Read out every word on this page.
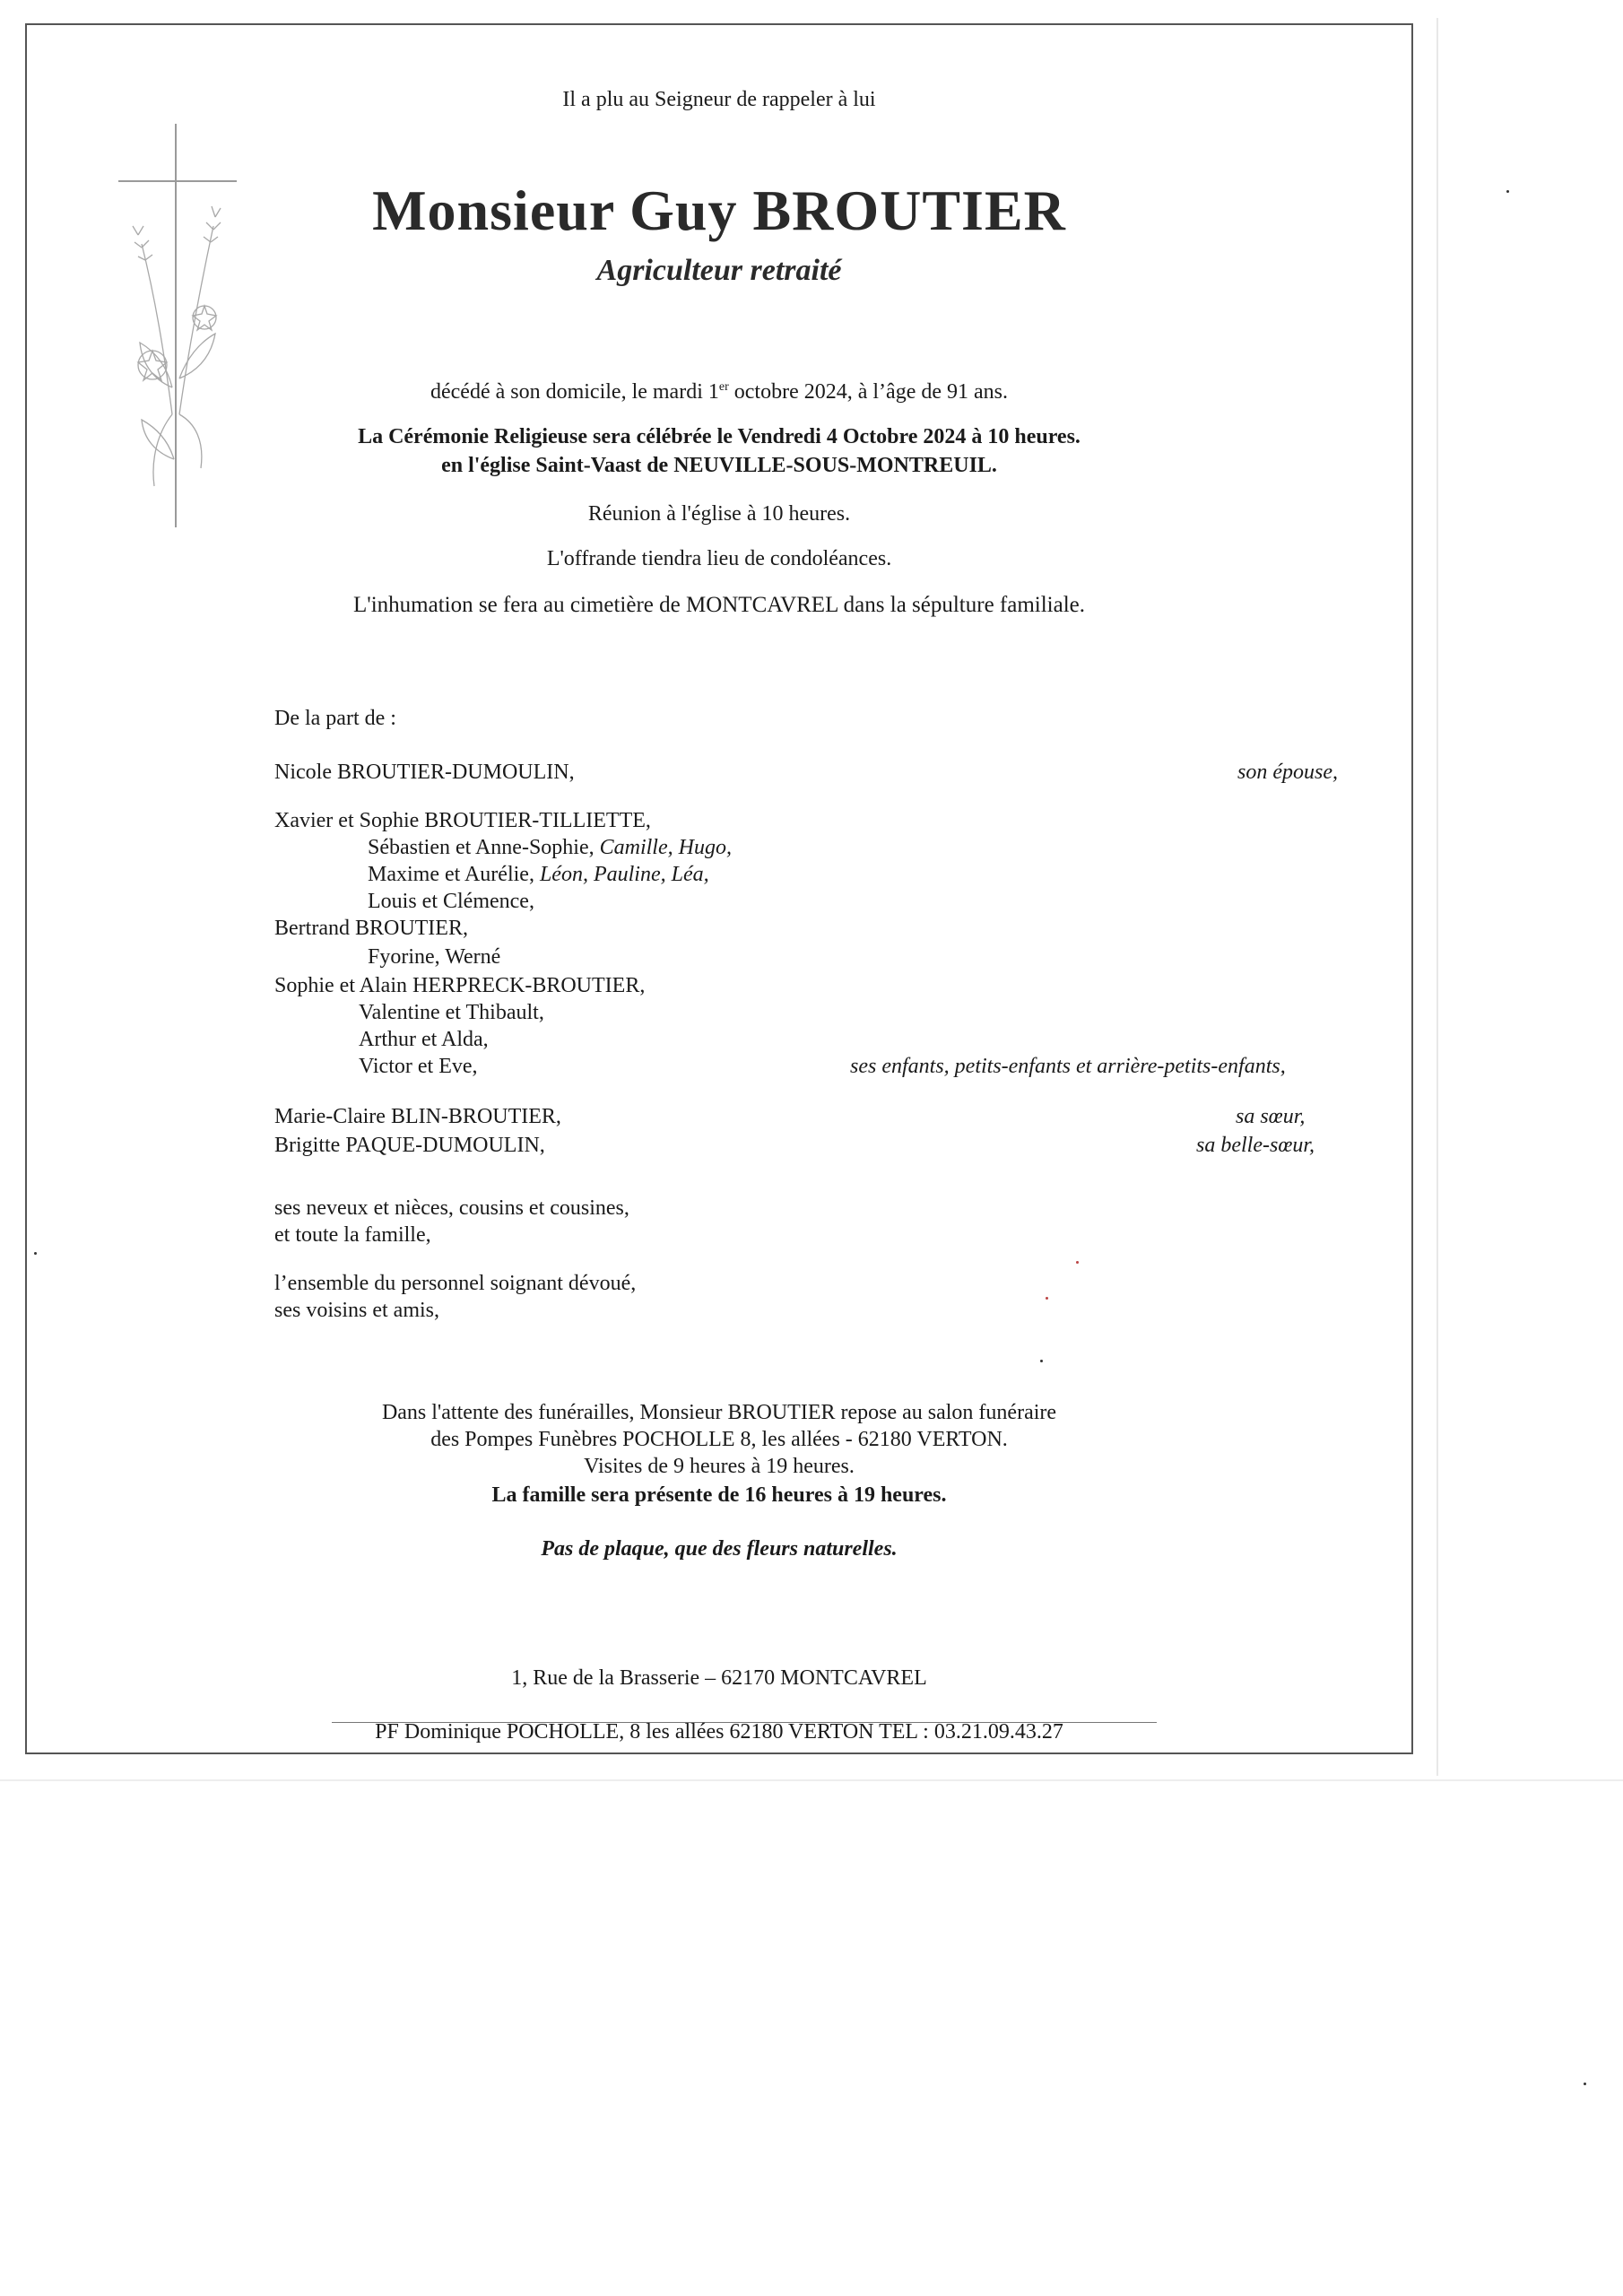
Il a plu au Seigneur de rappeler à lui
Monsieur Guy BROUTIER
Agriculteur retraité
décédé à son domicile, le mardi 1er octobre 2024, à l’âge de 91 ans.
La Cérémonie Religieuse sera célébrée le Vendredi 4 Octobre 2024 à 10 heures.
en l'église Saint-Vaast de NEUVILLE-SOUS-MONTREUIL.
Réunion à l'église à 10 heures.
L'offrande tiendra lieu de condoléances.
L'inhumation se fera au cimetière de MONTCAVREL dans la sépulture familiale.
De la part de :
Nicole BROUTIER-DUMOULIN,	son épouse,
Xavier et Sophie BROUTIER-TILLIETTE,
Sébastien et Anne-Sophie, Camille, Hugo,
Maxime et Aurélie, Léon, Pauline, Léa,
Louis et Clémence,
Bertrand BROUTIER,
Fyorine, Werné
Sophie et Alain HERPRECK-BROUTIER,
Valentine et Thibault,
Arthur et Alda,
Victor et Eve,	ses enfants, petits-enfants et arrière-petits-enfants,
Marie-Claire BLIN-BROUTIER,	sa sœur,
Brigitte PAQUE-DUMOULIN,	sa belle-sœur,
ses neveux et nièces, cousins et cousines,
et toute la famille,
l’ensemble du personnel soignant dévoué,
ses voisins et amis,
Dans l'attente des funérailles, Monsieur BROUTIER repose au salon funéraire
des Pompes Funèbres POCHOLLE 8, les allées - 62180 VERTON.
Visites de 9 heures à 19 heures.
La famille sera présente de 16 heures à 19 heures.
Pas de plaque, que des fleurs naturelles.
1, Rue de la Brasserie – 62170 MONTCAVREL
PF Dominique POCHOLLE, 8 les allées 62180 VERTON TEL : 03.21.09.43.27
